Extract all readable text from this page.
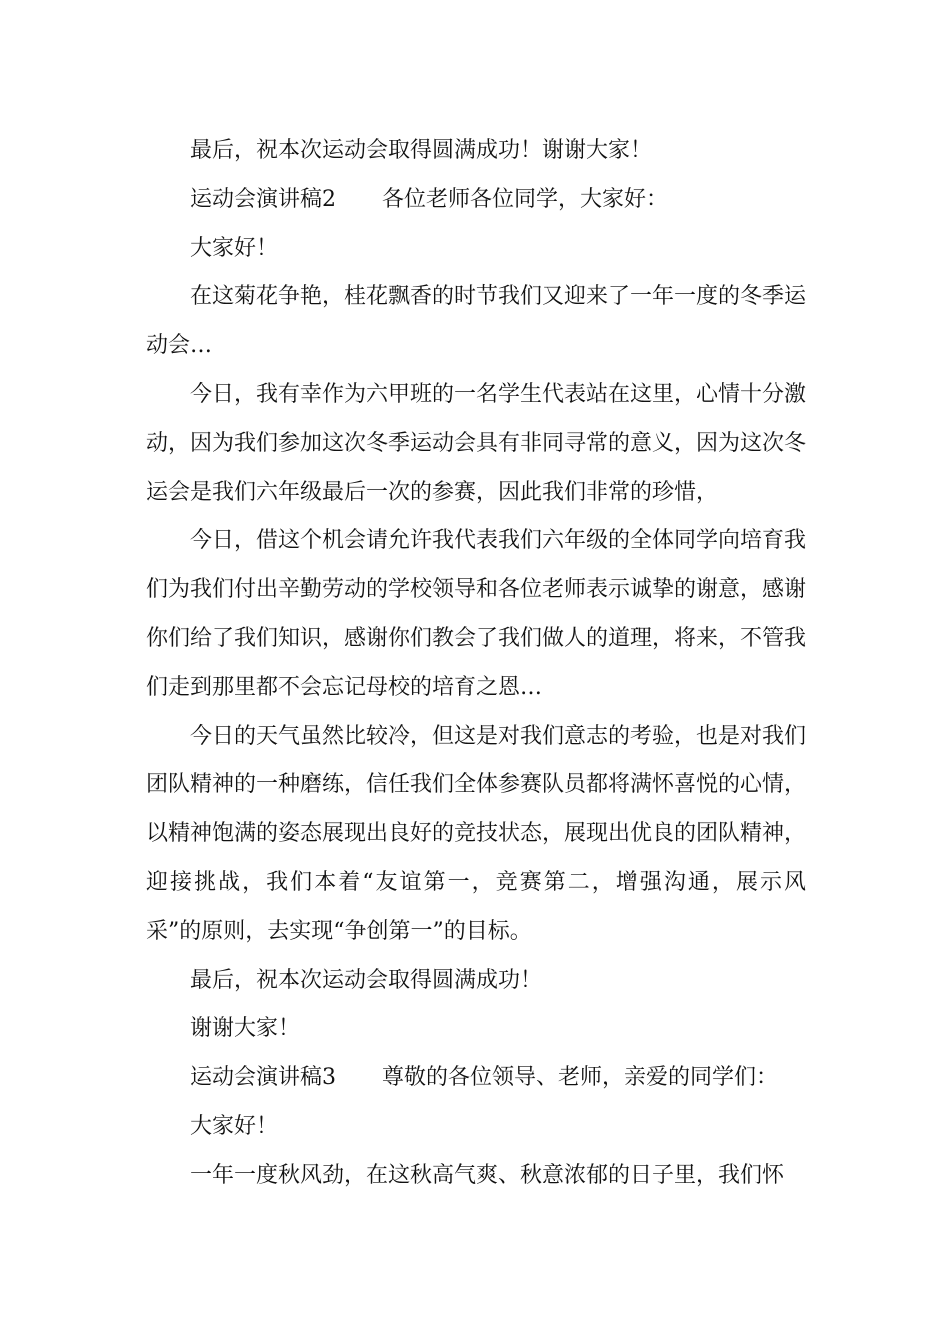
最后，祝本次运动会取得圆满成功！谢谢大家！

运动会演讲稿2 各位老师各位同学，大家好：

大家好！

在这菊花争艳，桂花飘香的时节我们又迎来了一年一度的冬季运动会…

今日，我有幸作为六甲班的一名学生代表站在这里，心情十分激动，因为我们参加这次冬季运动会具有非同寻常的意义，因为这次冬运会是我们六年级最后一次的参赛，因此我们非常的珍惜，

今日，借这个机会请允许我代表我们六年级的全体同学向培育我们为我们付出辛勤劳动的学校领导和各位老师表示诚挚的谢意，感谢你们给了我们知识，感谢你们教会了我们做人的道理，将来，不管我们走到那里都不会忘记母校的培育之恩…

今日的天气虽然比较冷，但这是对我们意志的考验，也是对我们团队精神的一种磨练，信任我们全体参赛队员都将满怀喜悦的心情，以精神饱满的姿态展现出良好的竞技状态，展现出优良的团队精神，迎接挑战，我们本着“友谊第一，竞赛第二，增强沟通，展示风采”的原则，去实现“争创第一”的目标。

最后，祝本次运动会取得圆满成功！

谢谢大家！

运动会演讲稿3 尊敬的各位领导、老师，亲爱的同学们：

大家好！

一年一度秋风劲，在这秋高气爽、秋意浓郁的日子里，我们怀
